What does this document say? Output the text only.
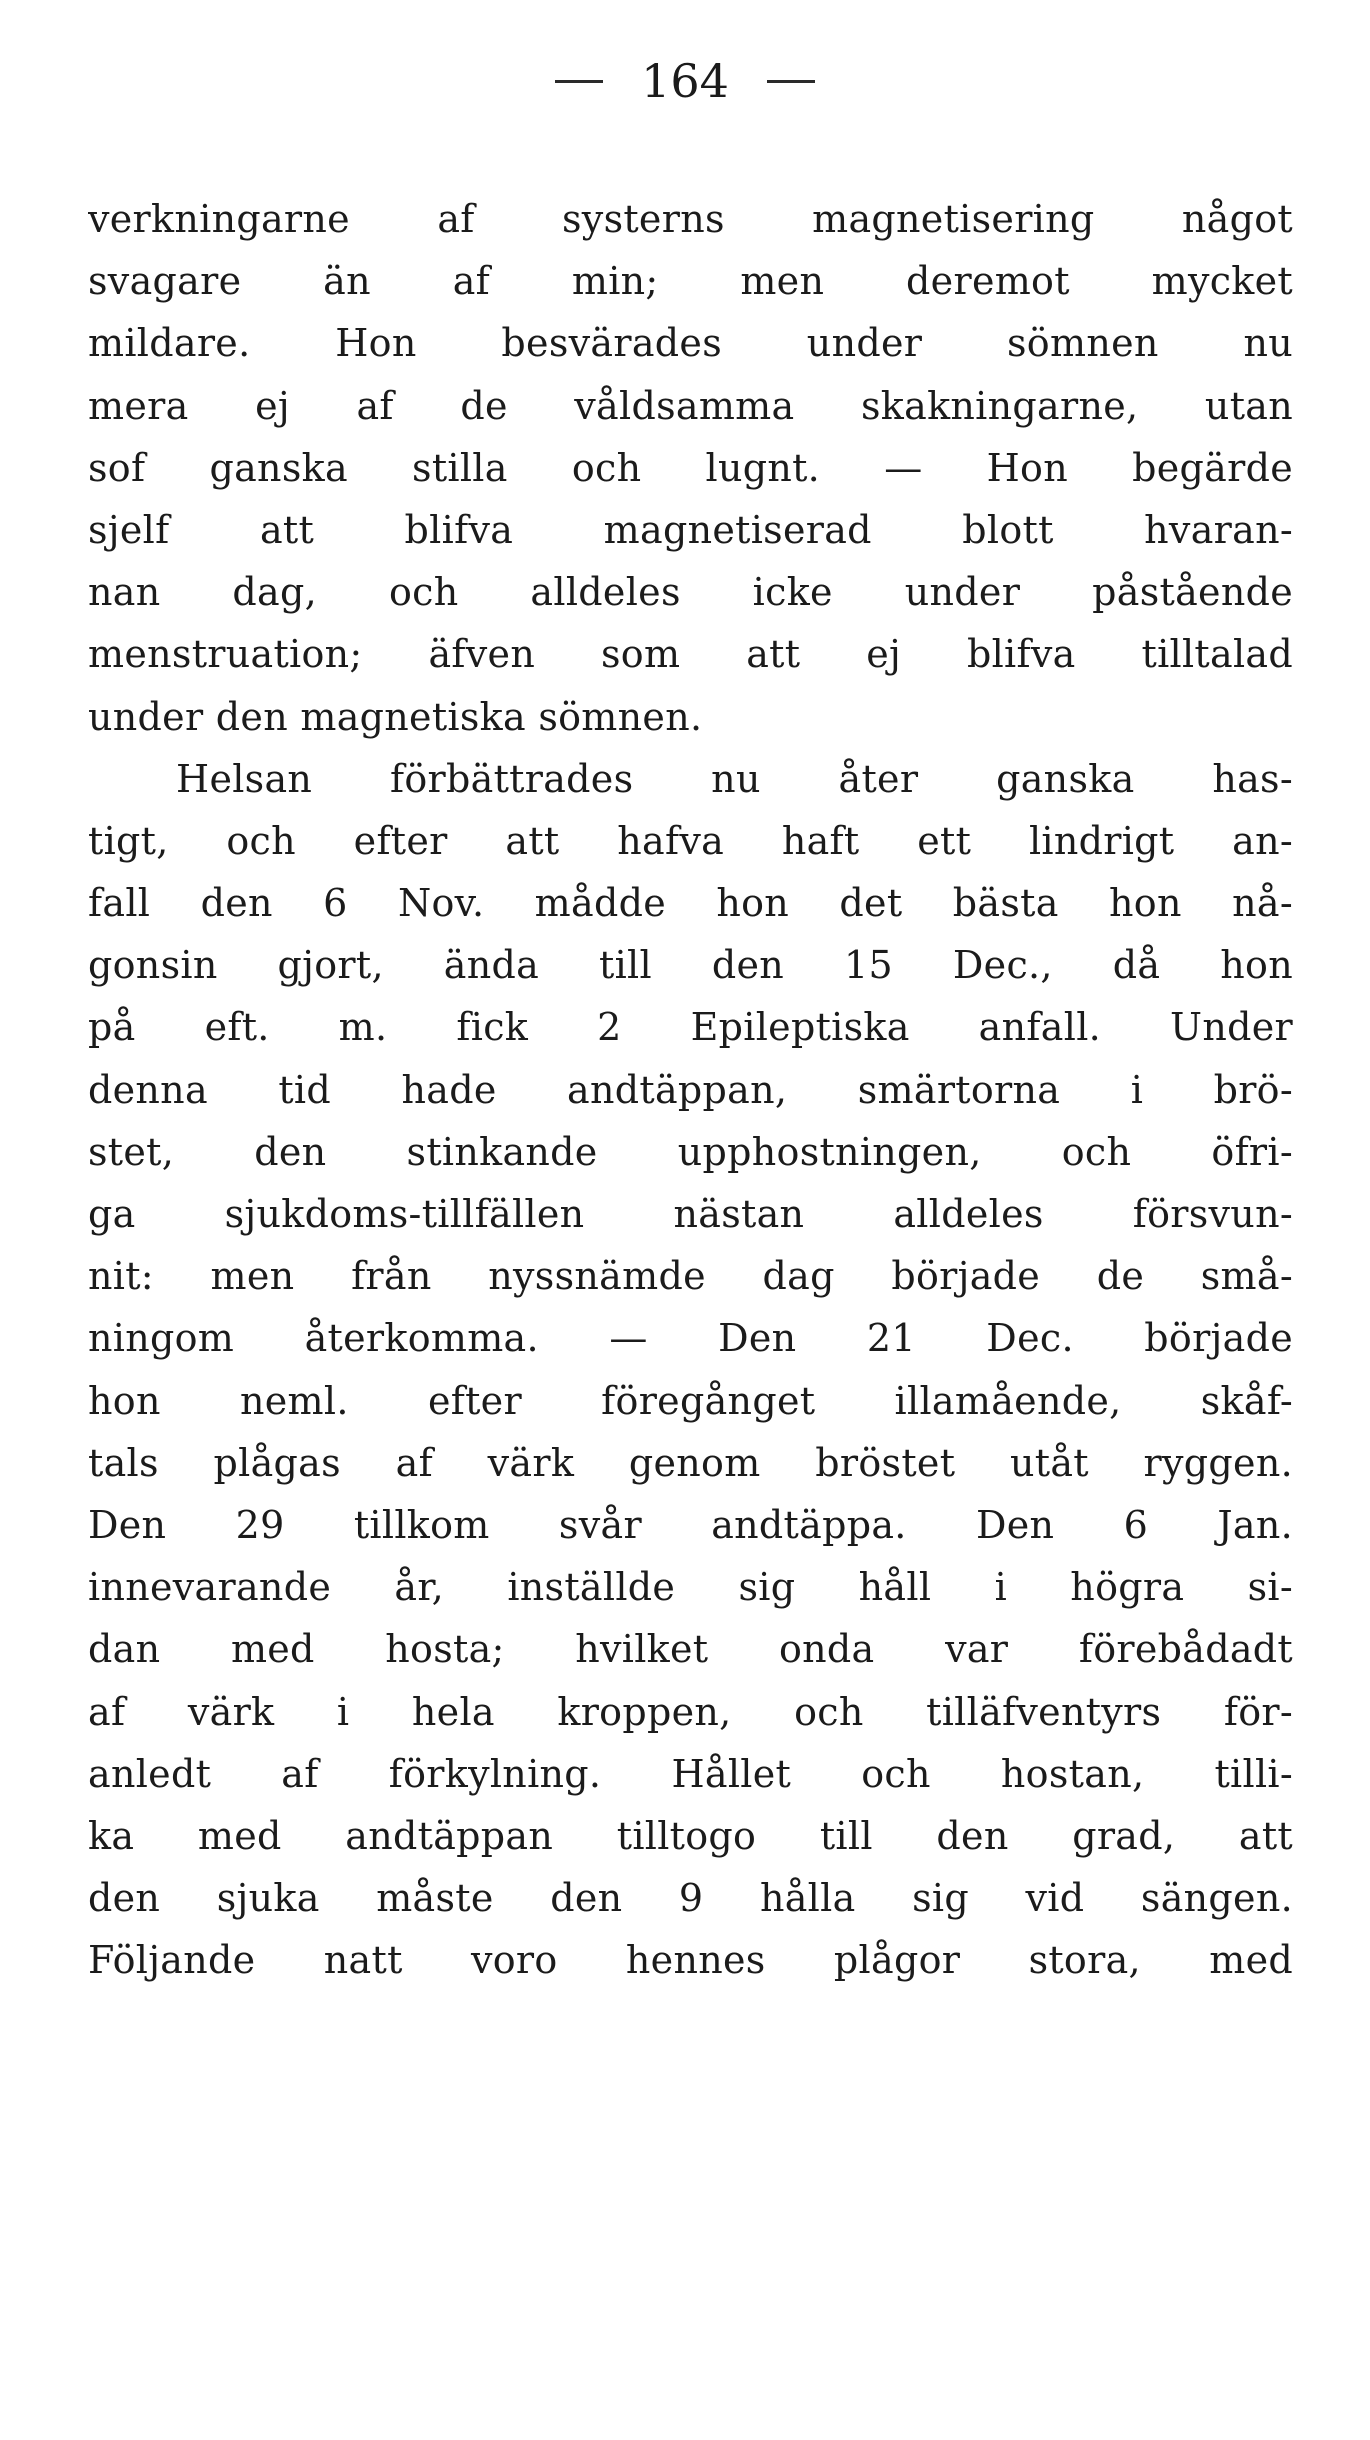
164
verkningarne af systerns magnetisering något
svagare än af min; men deremot mycket
mildare. Hon besvärades under sömnen nu
mera ej af de våldsamma skakningarne, utan
sof ganska stilla och lugnt. — Hon begärde
sjelf att blifva magnetiserad blott hvaran-
nan dag, och alldeles icke under påstående
menstruation; äfven som att ej blifva tilltalad
under den magnetiska sömnen.
Helsan förbättrades nu åter ganska has-
tigt, och efter att hafva haft ett lindrigt an-
fall den 6 Nov. mådde hon det bästa hon nå-
gonsin gjort, ända till den 15 Dec., då hon
på eft. m. fick 2 Epileptiska anfall. Under
denna tid hade andtäppan, smärtorna i brö-
stet, den stinkande upphostningen, och öfri-
ga sjukdoms-tillfällen nästan alldeles försvun-
nit: men från nyssnämde dag började de små-
ningom återkomma. — Den 21 Dec. började
hon neml. efter föregånget illamående, skåf-
tals plågas af värk genom bröstet utåt ryggen.
Den 29 tillkom svår andtäppa. Den 6 Jan.
innevarande år, inställde sig håll i högra si-
dan med hosta; hvilket onda var förebådadt
af värk i hela kroppen, och tilläfventyrs för-
anledt af förkylning. Hållet och hostan, tilli-
ka med andtäppan tilltogo till den grad, att
den sjuka måste den 9 hålla sig vid sängen.
Följande natt voro hennes plågor stora, med
